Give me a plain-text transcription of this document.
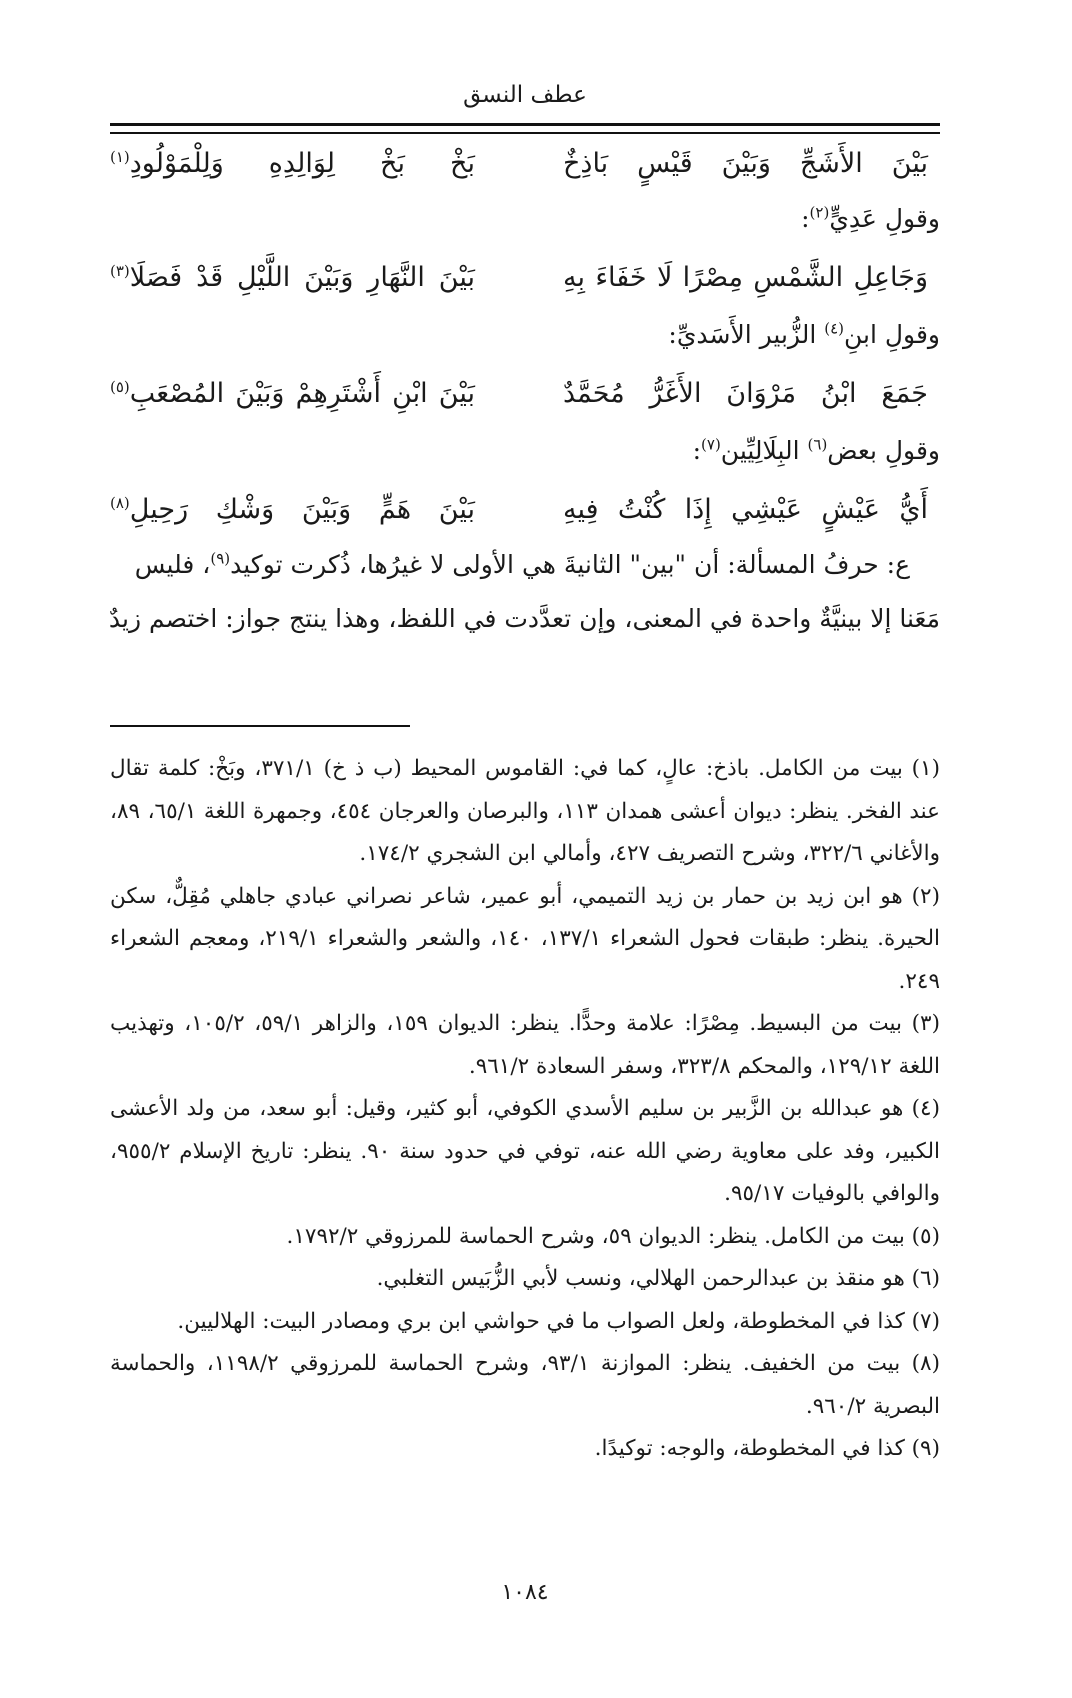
عطف النسق
بَيْنَ الأَشَجِّ وَبَيْنَ قَيْسٍ بَاذِخٌ
بَخْ بَخْ لِوَالِدِهِ وَلِلْمَوْلُودِ$^{(١)}$
وقولِ عَدِيٍّ$^{(٢)}$:
وَجَاعِلِ الشَّمْسِ مِصْرًا لَا خَفَاءَ بِهِ
بَيْنَ النَّهَارِ وَبَيْنَ اللَّيْلِ قَدْ فَصَلَا$^{(٣)}$
وقولِ ابنِ$^{(٤)}$ الزُّبير الأَسَديِّ:
جَمَعَ ابْنُ مَرْوَانَ الأَغَرُّ مُحَمَّدٌ
بَيْنَ ابْنِ أَشْتَرِهِمْ وَبَيْنَ المُصْعَبِ$^{(٥)}$
وقولِ بعض$^{(٦)}$ البِلَالِيِّين$^{(٧)}$:
أَيُّ عَيْشٍ عَيْشِي إِذَا كُنْتُ فِيهِ
بَيْنَ هَمٍّ وَبَيْنَ وَشْكِ رَحِيلِ$^{(٨)}$
ع: حرفُ المسألة: أن "بين" الثانيةَ هي الأولى لا غيرُها، ذُكرت توكيد$^{(٩)}$، فليس
مَعَنا إلا بينيَّةٌ واحدة في المعنى، وإن تعدَّدت في اللفظ، وهذا ينتج جواز: اختصم زيدٌ

(١) بيت من الكامل. باذخ: عالٍ، كما في: القاموس المحيط (ب ذ خ) ٣٧١/١، وبَخْ: كلمة تقال عند الفخر. ينظر: ديوان أعشى همدان ١١٣، والبرصان والعرجان ٤٥٤، وجمهرة اللغة ٦٥/١، ٨٩، والأغاني ٣٢٢/٦، وشرح التصريف ٤٢٧، وأمالي ابن الشجري ١٧٤/٢.

(٢) هو ابن زيد بن حمار بن زيد التميمي، أبو عمير، شاعر نصراني عبادي جاهلي مُقِلٌّ، سكن الحيرة. ينظر: طبقات فحول الشعراء ١٣٧/١، ١٤٠، والشعر والشعراء ٢١٩/١، ومعجم الشعراء ٢٤٩.

(٣) بيت من البسيط. مِصْرًا: علامة وحدًّا. ينظر: الديوان ١٥٩، والزاهر ٥٩/١، ١٠٥/٢، وتهذيب اللغة ١٢٩/١٢، والمحكم ٣٢٣/٨، وسفر السعادة ٩٦١/٢.

(٤) هو عبدالله بن الزَّبير بن سليم الأسدي الكوفي، أبو كثير، وقيل: أبو سعد، من ولد الأعشى الكبير، وفد على معاوية رضي الله عنه، توفي في حدود سنة ٩٠. ينظر: تاريخ الإسلام ٩٥٥/٢، والوافي بالوفيات ٩٥/١٧.

(٥) بيت من الكامل. ينظر: الديوان ٥٩، وشرح الحماسة للمرزوقي ١٧٩٢/٢.

(٦) هو منقذ بن عبدالرحمن الهلالي، ونسب لأبي الزُّبَيس التغلبي.

(٧) كذا في المخطوطة، ولعل الصواب ما في حواشي ابن بري ومصادر البيت: الهلاليين.

(٨) بيت من الخفيف. ينظر: الموازنة ٩٣/١، وشرح الحماسة للمرزوقي ١١٩٨/٢، والحماسة البصرية ٩٦٠/٢.

(٩) كذا في المخطوطة، والوجه: توكيدًا.

١٠٨٤
